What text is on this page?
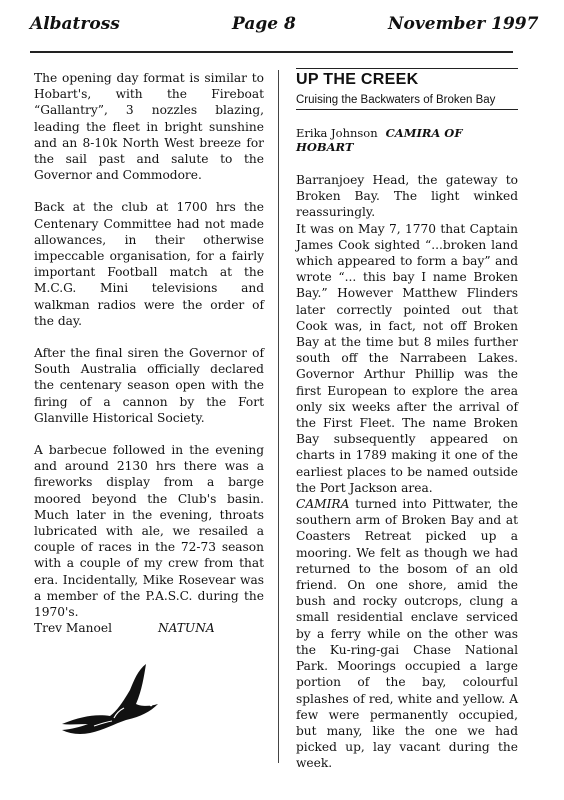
Albatross	Page 8	November 1997

The opening day format is similar to Hobart's, with the Fireboat “Gallantry”, 3 nozzles blazing, leading the fleet in bright sunshine and an 8-10k North West breeze for the sail past and salute to the Governor and Commodore.

Back at the club at 1700 hrs the Centenary Committee had not made allowances, in their otherwise impeccable organisation, for a fairly important Football match at the M.C.G. Mini televisions and walkman radios were the order of the day.

After the final siren the Governor of South Australia officially declared the centenary season open with the firing of a cannon by the Fort Glanville Historical Society.

A barbecue followed in the evening and around 2130 hrs there was a fireworks display from a barge moored beyond the Club's basin. Much later in the evening, throats lubricated with ale, we resailed a couple of races in the 72-73 season with a couple of my crew from that era. Incidentally, Mike Rosevear was a member of the P.A.S.C. during the 1970's.

Trev Manoel	NATUNA
UP THE CREEK
Cruising the Backwaters of Broken Bay
Erika Johnson CAMIRA OF HOBART

Barranjoey Head, the gateway to Broken Bay. The light winked reassuringly.

It was on May 7, 1770 that Captain James Cook sighted “...broken land which appeared to form a bay” and wrote “... this bay I name Broken Bay.” However Matthew Flinders later correctly pointed out that Cook was, in fact, not off Broken Bay at the time but 8 miles further south off the Narrabeen Lakes. Governor Arthur Phillip was the first European to explore the area only six weeks after the arrival of the First Fleet. The name Broken Bay subsequently appeared on charts in 1789 making it one of the earliest places to be named outside the Port Jackson area.

CAMIRA turned into Pittwater, the southern arm of Broken Bay and at Coasters Retreat picked up a mooring. We felt as though we had returned to the bosom of an old friend. On one shore, amid the bush and rocky outcrops, clung a small residential enclave serviced by a ferry while on the other was the Ku-ring-gai Chase National Park. Moorings occupied a large portion of the bay, colourful splashes of red, white and yellow. A few were permanently occupied, but many, like the one we had picked up, lay vacant during the week.
